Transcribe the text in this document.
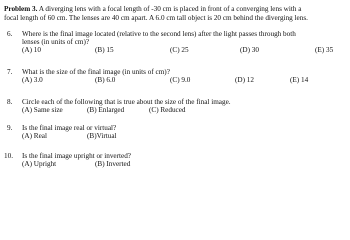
Problem 3. A diverging lens with a focal length of -30 cm is placed in front of a converging lens with a
focal length of 60 cm. The lenses are 40 cm apart. A 6.0 cm tall object is 20 cm behind the diverging lens.
6. Where is the final image located (relative to the second lens) after the light passes through both
lenses (in units of cm)?
(A) 10	(B) 15	(C) 25	(D) 30	(E) 35
7. What is the size of the final image (in units of cm)?
(A) 3.0	(B) 6.0	(C) 9.0	(D) 12	(E) 14
8. Circle each of the following that is true about the size of the final image.
(A) Same size	(B) Enlarged	(C) Reduced
9. Is the final image real or virtual?
(A) Real	(B)Virtual
10. Is the final image upright or inverted?
(A) Upright	(B) Inverted
